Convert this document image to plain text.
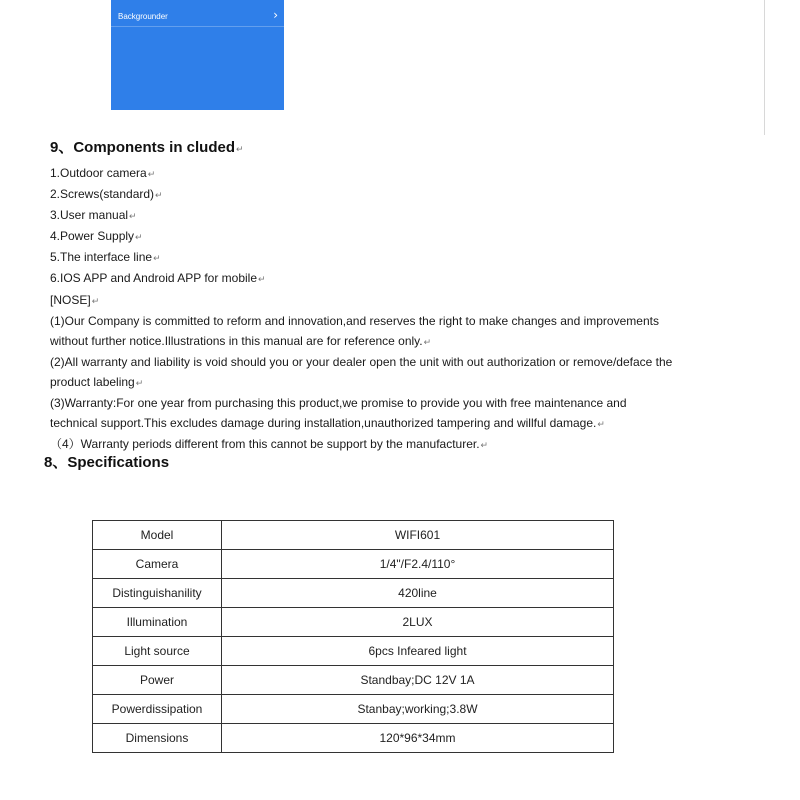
Backgrounder	›
9、Components in cluded↵
1.Outdoor camera↵
2.Screws(standard)↵
3.User manual↵
4.Power Supply↵
5.The interface line↵
6.IOS APP and Android APP for mobile↵
[NOSE]↵
(1)Our Company is committed to reform and innovation,and reserves the right to make changes and improvements
without further notice.Illustrations in this manual are for reference only.↵
(2)All warranty and liability is void should you or your dealer open the unit with out authorization or remove/deface the
product labeling↵
(3)Warranty:For one year from purchasing this product,we promise to provide you with free maintenance and
technical support.This excludes damage during installation,unauthorized tampering and willful damage.↵
（4）Warranty periods different from this cannot be support by the manufacturer.↵
8、Specifications
Model	WIFI601
Camera	1/4"/F2.4/110°
Distinguishanility	420line
Illumination	2LUX
Light source	6pcs Infeared light
Power	Standbay;DC 12V 1A
Powerdissipation	Stanbay;working;3.8W
Dimensions	120*96*34mm
